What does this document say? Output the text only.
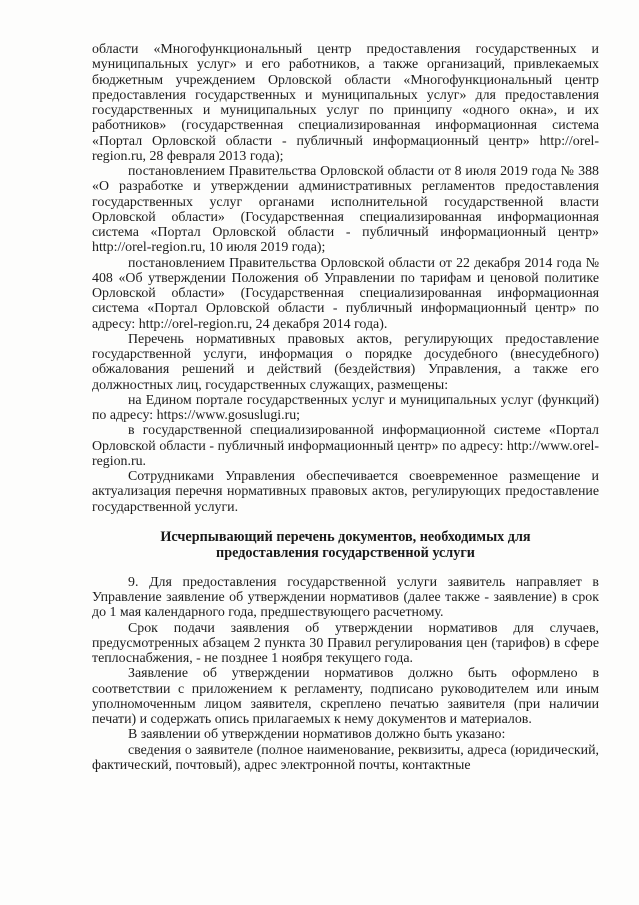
области «Многофункциональный центр предоставления государственных и муниципальных услуг» и его работников, а также организаций, привлекаемых бюджетным учреждением Орловской области «Многофункциональный центр предоставления государственных и муниципальных услуг» для предоставления государственных и муниципальных услуг по принципу «одного окна», и их работников» (государственная специализированная информационная система «Портал Орловской области - публичный информационный центр» http://orel-region.ru, 28 февраля 2013 года);

постановлением Правительства Орловской области от 8 июля 2019 года № 388 «О разработке и утверждении административных регламентов предоставления государственных услуг органами исполнительной государственной власти Орловской области» (Государственная специализированная информационная система «Портал Орловской области - публичный информационный центр» http://orel-region.ru, 10 июля 2019 года);

постановлением Правительства Орловской области от 22 декабря 2014 года № 408 «Об утверждении Положения об Управлении по тарифам и ценовой политике Орловской области» (Государственная специализированная информационная система «Портал Орловской области - публичный информационный центр» по адресу: http://orel-region.ru, 24 декабря 2014 года).

Перечень нормативных правовых актов, регулирующих предоставление государственной услуги, информация о порядке досудебного (внесудебного) обжалования решений и действий (бездействия) Управления, а также его должностных лиц, государственных служащих, размещены:

на Едином портале государственных услуг и муниципальных услуг (функций) по адресу: https://www.gosuslugi.ru;

в государственной специализированной информационной системе «Портал Орловской области - публичный информационный центр» по адресу: http://www.orel-region.ru.

Сотрудниками Управления обеспечивается своевременное размещение и актуализация перечня нормативных правовых актов, регулирующих предоставление государственной услуги.

Исчерпывающий перечень документов, необходимых для предоставления государственной услуги

9. Для предоставления государственной услуги заявитель направляет в Управление заявление об утверждении нормативов (далее также - заявление) в срок до 1 мая календарного года, предшествующего расчетному.

Срок подачи заявления об утверждении нормативов для случаев, предусмотренных абзацем 2 пункта 30 Правил регулирования цен (тарифов) в сфере теплоснабжения, - не позднее 1 ноября текущего года.

Заявление об утверждении нормативов должно быть оформлено в соответствии с приложением к регламенту, подписано руководителем или иным уполномоченным лицом заявителя, скреплено печатью заявителя (при наличии печати) и содержать опись прилагаемых к нему документов и материалов.

В заявлении об утверждении нормативов должно быть указано:

сведения о заявителе (полное наименование, реквизиты, адреса (юридический, фактический, почтовый), адрес электронной почты, контактные
